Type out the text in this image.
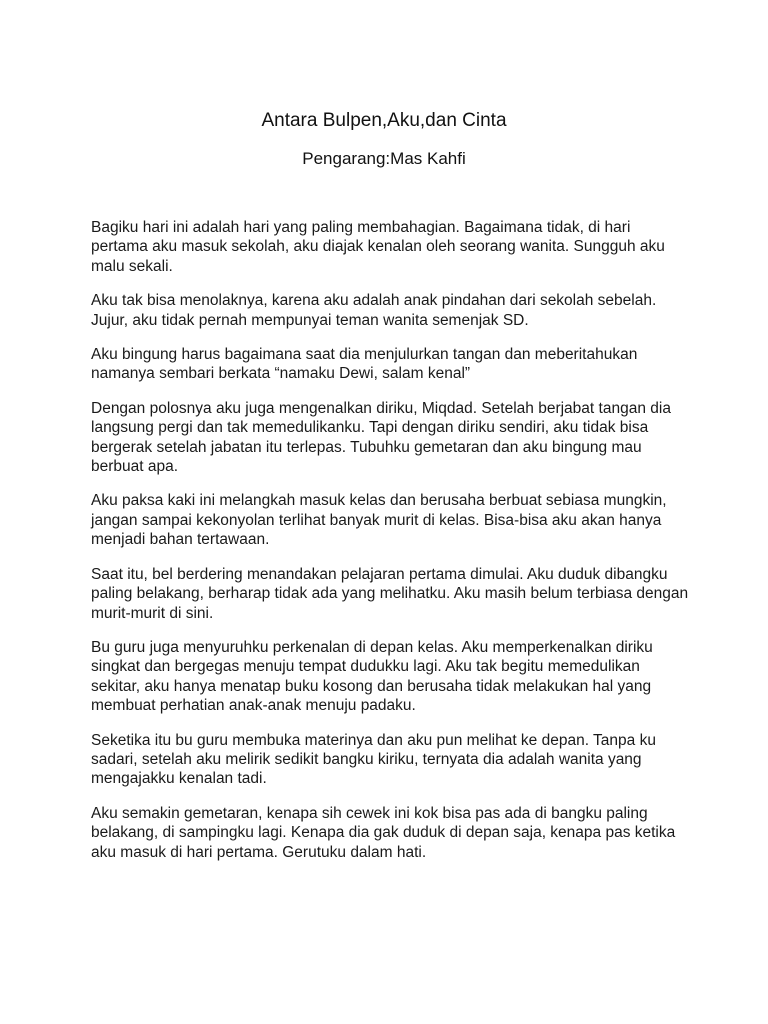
Antara Bulpen,Aku,dan Cinta
Pengarang:Mas Kahfi

Bagiku hari ini adalah hari yang paling membahagian. Bagaimana tidak, di hari pertama aku masuk sekolah, aku diajak kenalan oleh seorang wanita. Sungguh aku malu sekali.

Aku tak bisa menolaknya, karena aku adalah anak pindahan dari sekolah sebelah. Jujur, aku tidak pernah mempunyai teman wanita semenjak SD.

Aku bingung harus bagaimana saat dia menjulurkan tangan dan meberitahukan namanya sembari berkata “namaku Dewi, salam kenal”

Dengan polosnya aku juga mengenalkan diriku, Miqdad. Setelah berjabat tangan dia langsung pergi dan tak memedulikanku. Tapi dengan diriku sendiri, aku tidak bisa bergerak setelah jabatan itu terlepas. Tubuhku gemetaran dan aku bingung mau berbuat apa.

Aku paksa kaki ini melangkah masuk kelas dan berusaha berbuat sebiasa mungkin, jangan sampai kekonyolan terlihat banyak murit di kelas. Bisa-bisa aku akan hanya menjadi bahan tertawaan.

Saat itu, bel berdering menandakan pelajaran pertama dimulai. Aku duduk dibangku paling belakang, berharap tidak ada yang melihatku. Aku masih belum terbiasa dengan murit-murit di sini.

Bu guru juga menyuruhku perkenalan di depan kelas. Aku memperkenalkan diriku singkat dan bergegas menuju tempat dudukku lagi. Aku tak begitu memedulikan sekitar, aku hanya menatap buku kosong dan berusaha tidak melakukan hal yang membuat perhatian anak-anak menuju padaku.

Seketika itu bu guru membuka materinya dan aku pun melihat ke depan. Tanpa ku sadari, setelah aku melirik sedikit bangku kiriku, ternyata dia adalah wanita yang mengajakku kenalan tadi.

Aku semakin gemetaran, kenapa sih cewek ini kok bisa pas ada di bangku paling belakang, di sampingku lagi. Kenapa dia gak duduk di depan saja, kenapa pas ketika aku masuk di hari pertama. Gerutuku dalam hati.
